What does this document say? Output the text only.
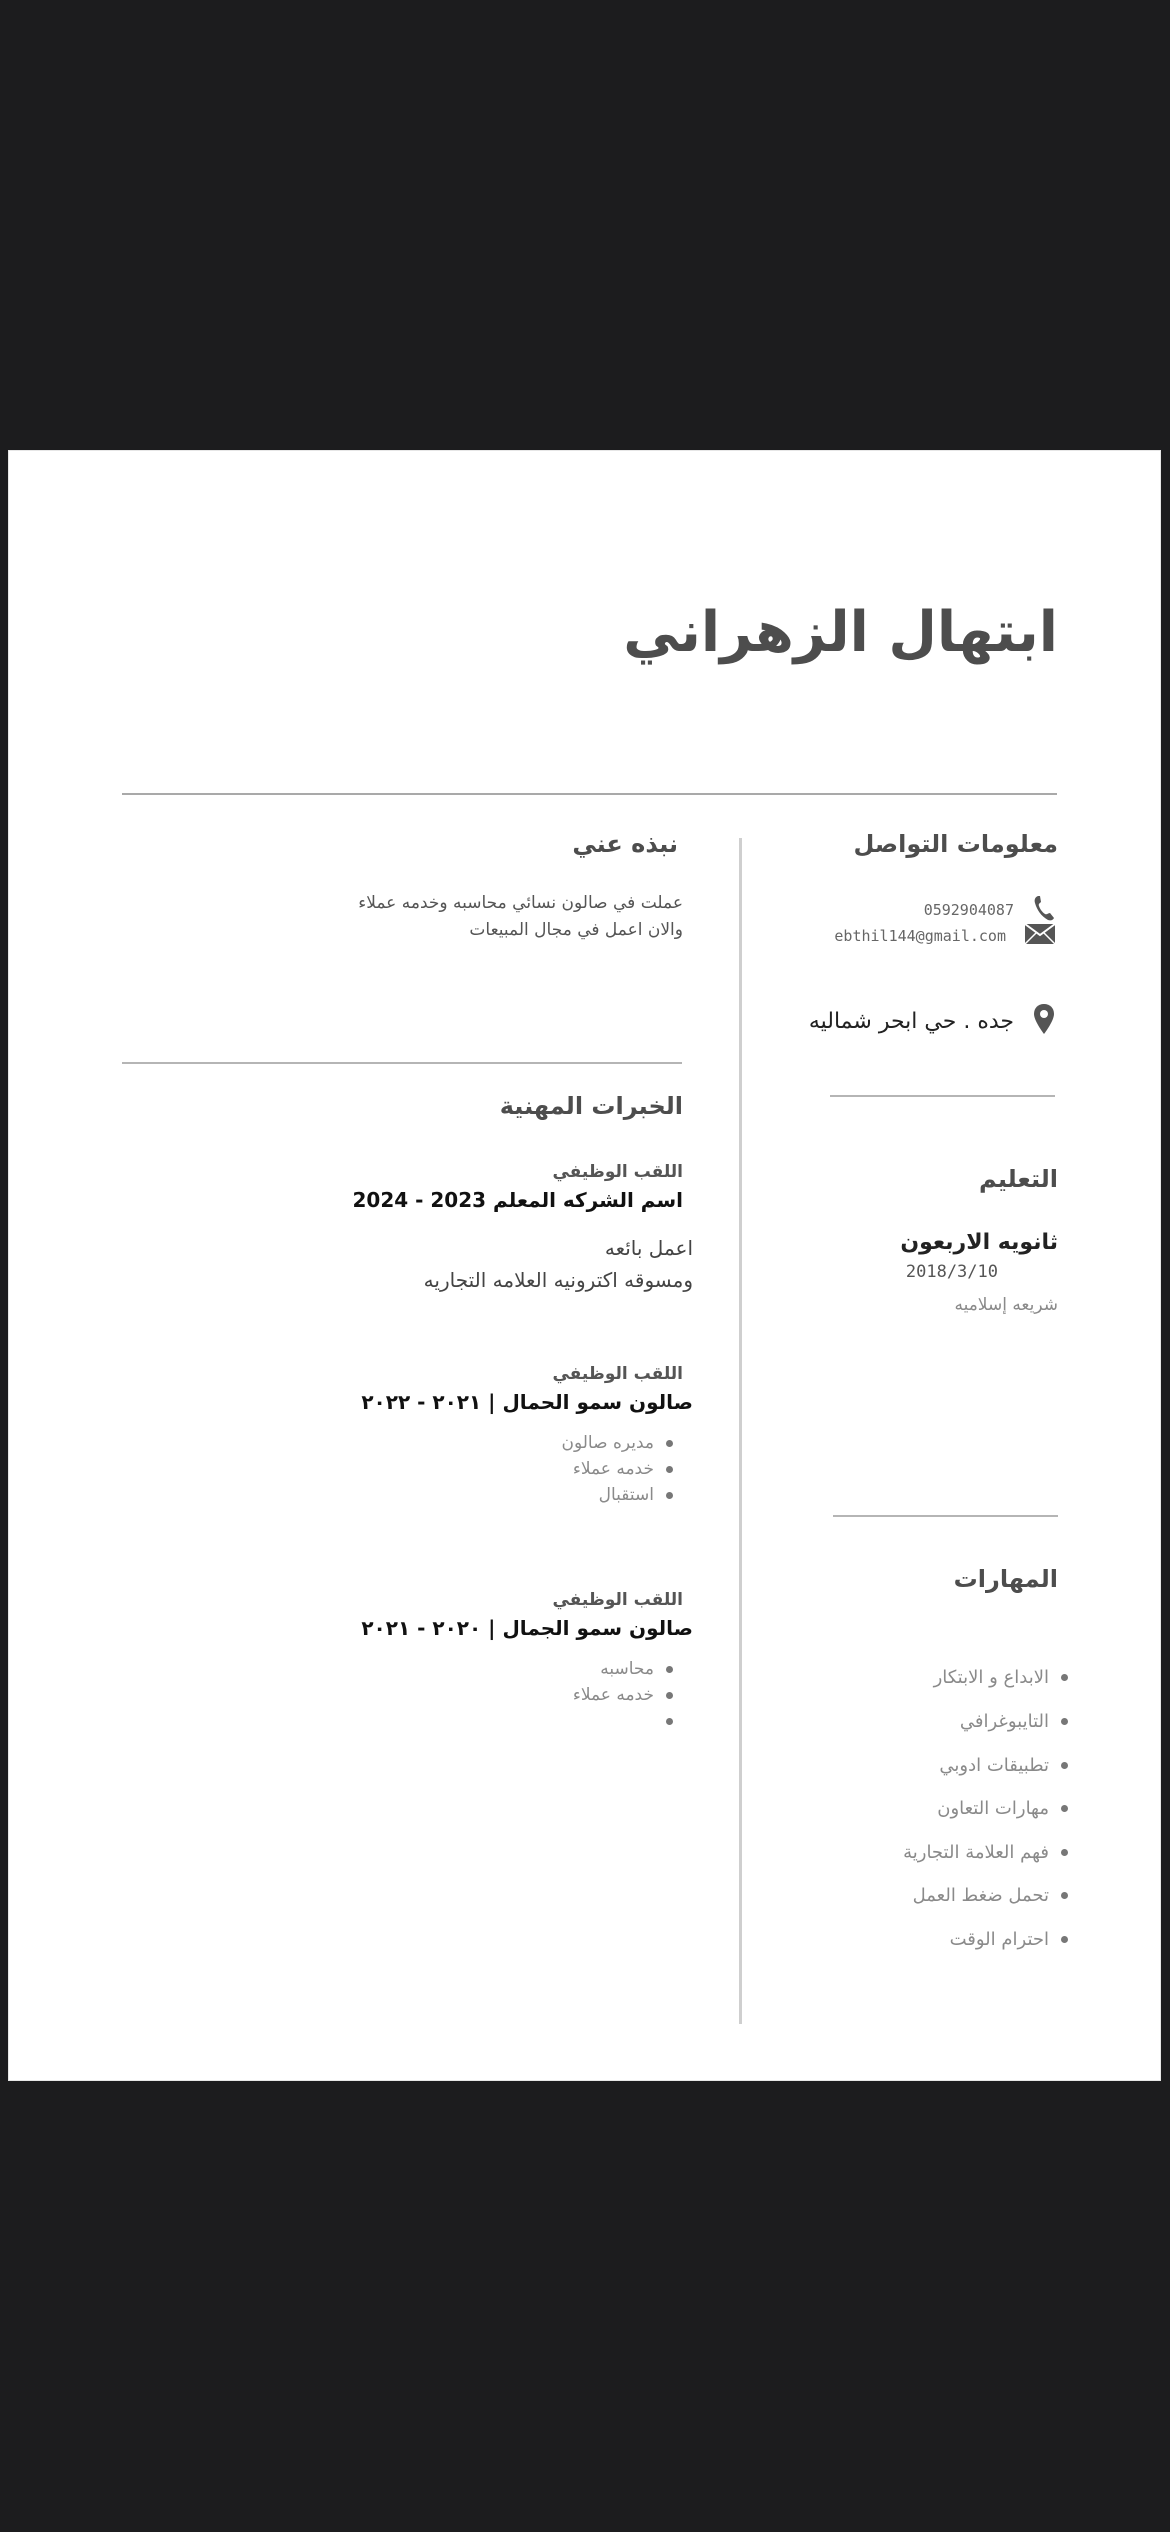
ابتهال الزهراني
معلومات التواصل
0592904087
ebthil144@gmail.com
جده . حي ابحر شماليه
التعليم
ثانويه الاربعون
2018/3/10
شريعه إسلاميه
المهارات
الابداع و الابتكار
التايبوغرافي
تطبيقات ادوبي
مهارات التعاون
فهم العلامة التجارية
تحمل ضغط العمل
احترام الوقت
نبذه عني
عملت في صالون نسائي محاسبه وخدمه عملاء
والان اعمل في مجال المبيعات
الخبرات المهنية
اللقب الوظيفي
اسم الشركه المعلم 2023 - 2024
اعمل بائعه
ومسوقه اكترونيه العلامه التجاريه
اللقب الوظيفي
صالون سمو الحمال | ٢٠٢١ - ٢٠٢٢
مديره صالون
خدمه عملاء
استقبال
اللقب الوظيفي
صالون سمو الجمال | ٢٠٢٠ - ٢٠٢١
محاسبه
خدمه عملاء
